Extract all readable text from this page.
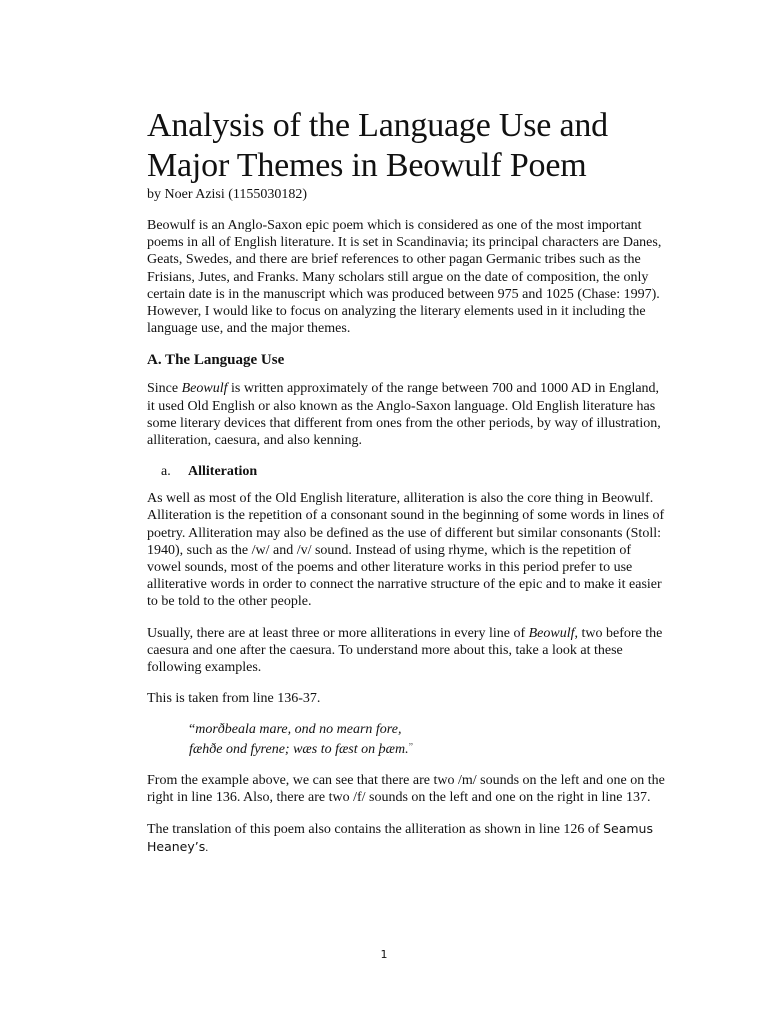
Analysis of the Language Use and
Major Themes in Beowulf Poem
by Noer Azisi (1155030182)

Beowulf is an Anglo-Saxon epic poem which is considered as one of the most important poems in all of English literature. It is set in Scandinavia; its principal characters are Danes, Geats, Swedes, and there are brief references to other pagan Germanic tribes such as the Frisians, Jutes, and Franks. Many scholars still argue on the date of composition, the only certain date is in the manuscript which was produced between 975 and 1025 (Chase: 1997). However, I would like to focus on analyzing the literary elements used in it including the language use, and the major themes.

A. The Language Use

Since Beowulf is written approximately of the range between 700 and 1000 AD in England, it used Old English or also known as the Anglo-Saxon language. Old English literature has some literary devices that different from ones from the other periods, by way of illustration, alliteration, caesura, and also kenning.

a. Alliteration

As well as most of the Old English literature, alliteration is also the core thing in Beowulf. Alliteration is the repetition of a consonant sound in the beginning of some words in lines of poetry. Alliteration may also be defined as the use of different but similar consonants (Stoll: 1940), such as the /w/ and /v/ sound. Instead of using rhyme, which is the repetition of vowel sounds, most of the poems and other literature works in this period prefer to use alliterative words in order to connect the narrative structure of the epic and to make it easier to be told to the other people.

Usually, there are at least three or more alliterations in every line of Beowulf, two before the caesura and one after the caesura. To understand more about this, take a look at these following examples.

This is taken from line 136-37.

“morðbeala mare, ond no mearn fore,
fæhðe ond fyrene; wæs to fæst on þæm.”

From the example above, we can see that there are two /m/ sounds on the left and one on the right in line 136. Also, there are two /f/ sounds on the left and one on the right in line 137.

The translation of this poem also contains the alliteration as shown in line 126 of Seamus Heaney’s.

1
